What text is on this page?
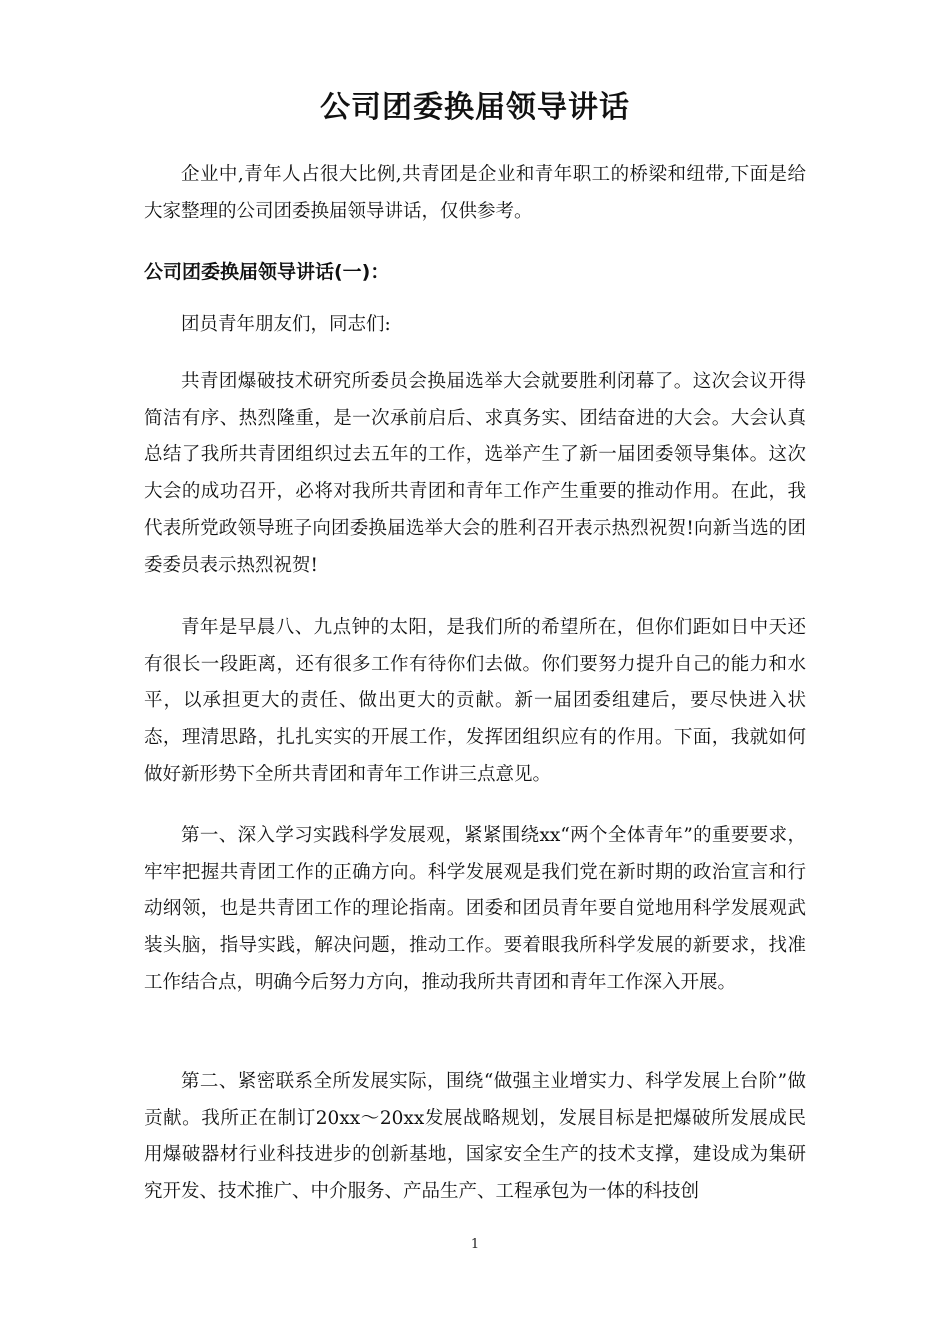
公司团委换届领导讲话

企业中,青年人占很大比例,共青团是企业和青年职工的桥梁和纽带,下面是给大家整理的公司团委换届领导讲话，仅供参考。

公司团委换届领导讲话(一)：

团员青年朋友们，同志们:

共青团爆破技术研究所委员会换届选举大会就要胜利闭幕了。这次会议开得简洁有序、热烈隆重，是一次承前启后、求真务实、团结奋进的大会。大会认真总结了我所共青团组织过去五年的工作，选举产生了新一届团委领导集体。这次大会的成功召开，必将对我所共青团和青年工作产生重要的推动作用。在此，我代表所党政领导班子向团委换届选举大会的胜利召开表示热烈祝贺!向新当选的团委委员表示热烈祝贺!

青年是早晨八、九点钟的太阳，是我们所的希望所在，但你们距如日中天还有很长一段距离，还有很多工作有待你们去做。你们要努力提升自己的能力和水平，以承担更大的责任、做出更大的贡献。新一届团委组建后，要尽快进入状态，理清思路，扎扎实实的开展工作，发挥团组织应有的作用。下面，我就如何做好新形势下全所共青团和青年工作讲三点意见。

第一、深入学习实践科学发展观，紧紧围绕xx“两个全体青年”的重要要求，牢牢把握共青团工作的正确方向。科学发展观是我们党在新时期的政治宣言和行动纲领，也是共青团工作的理论指南。团委和团员青年要自觉地用科学发展观武装头脑，指导实践，解决问题，推动工作。要着眼我所科学发展的新要求，找准工作结合点，明确今后努力方向，推动我所共青团和青年工作深入开展。

第二、紧密联系全所发展实际，围绕“做强主业增实力、科学发展上台阶”做贡献。我所正在制订20xx～20xx发展战略规划，发展目标是把爆破所发展成民用爆破器材行业科技进步的创新基地，国家安全生产的技术支撑，建设成为集研究开发、技术推广、中介服务、产品生产、工程承包为一体的科技创

1
